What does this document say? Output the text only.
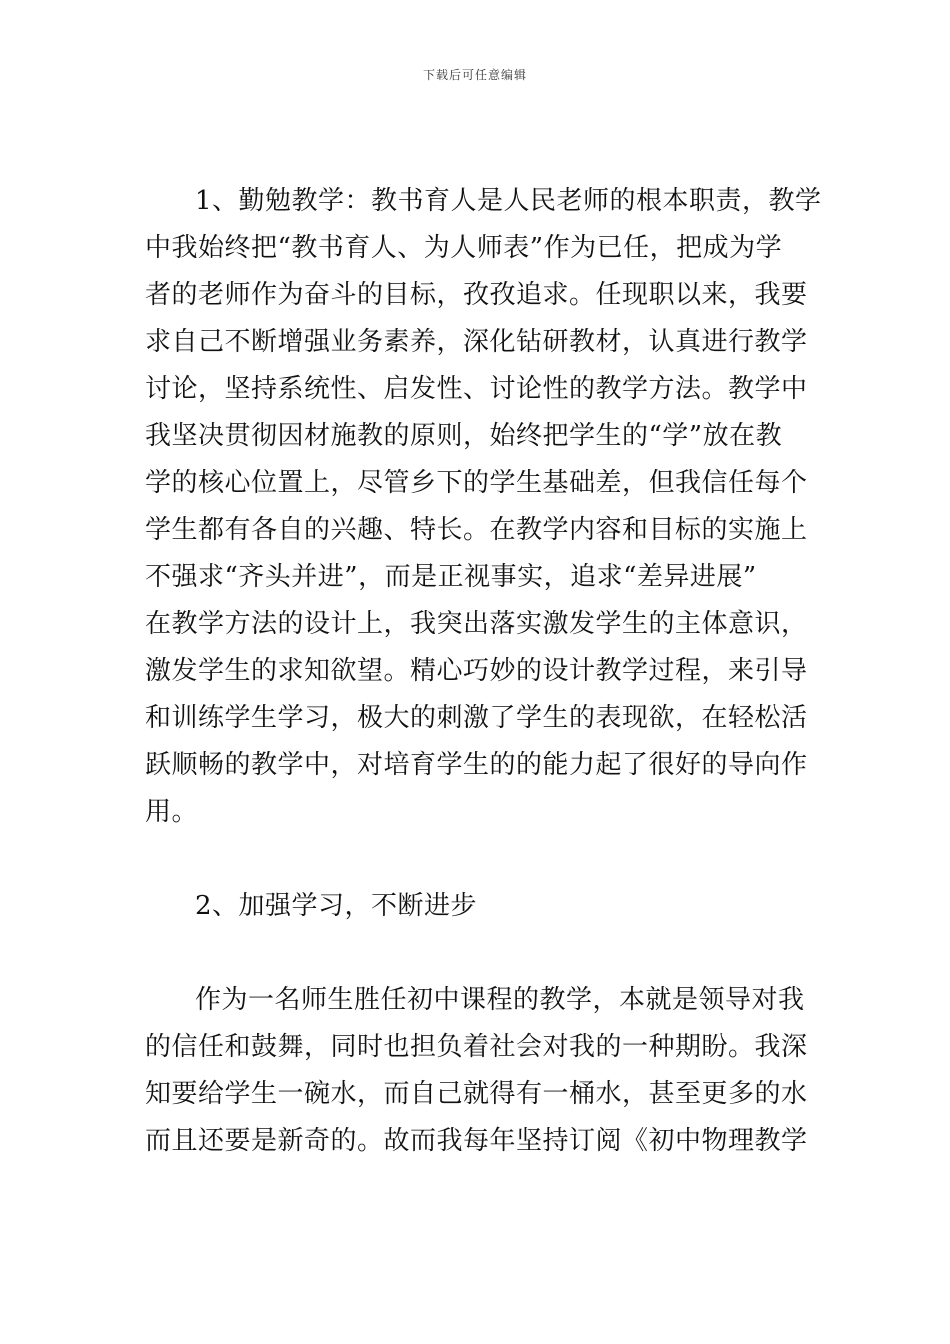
下载后可任意编辑
1、勤勉教学：教书育人是人民老师的根本职责，教学
中我始终把“教书育人、为人师表”作为已任，把成为学
者的老师作为奋斗的目标，孜孜追求。任现职以来，我要
求自己不断增强业务素养，深化钻研教材，认真进行教学
讨论，坚持系统性、启发性、讨论性的教学方法。教学中
我坚决贯彻因材施教的原则，始终把学生的“学”放在教
学的核心位置上，尽管乡下的学生基础差，但我信任每个
学生都有各自的兴趣、特长。在教学内容和目标的实施上
不强求“齐头并进”，而是正视事实，追求“差异进展”
在教学方法的设计上，我突出落实激发学生的主体意识，
激发学生的求知欲望。精心巧妙的设计教学过程，来引导
和训练学生学习，极大的刺激了学生的表现欲，在轻松活
跃顺畅的教学中，对培育学生的的能力起了很好的导向作
用。
2、加强学习，不断进步
作为一名师生胜任初中课程的教学，本就是领导对我
的信任和鼓舞，同时也担负着社会对我的一种期盼。我深
知要给学生一碗水，而自己就得有一桶水，甚至更多的水
而且还要是新奇的。故而我每年坚持订阅《初中物理教学
